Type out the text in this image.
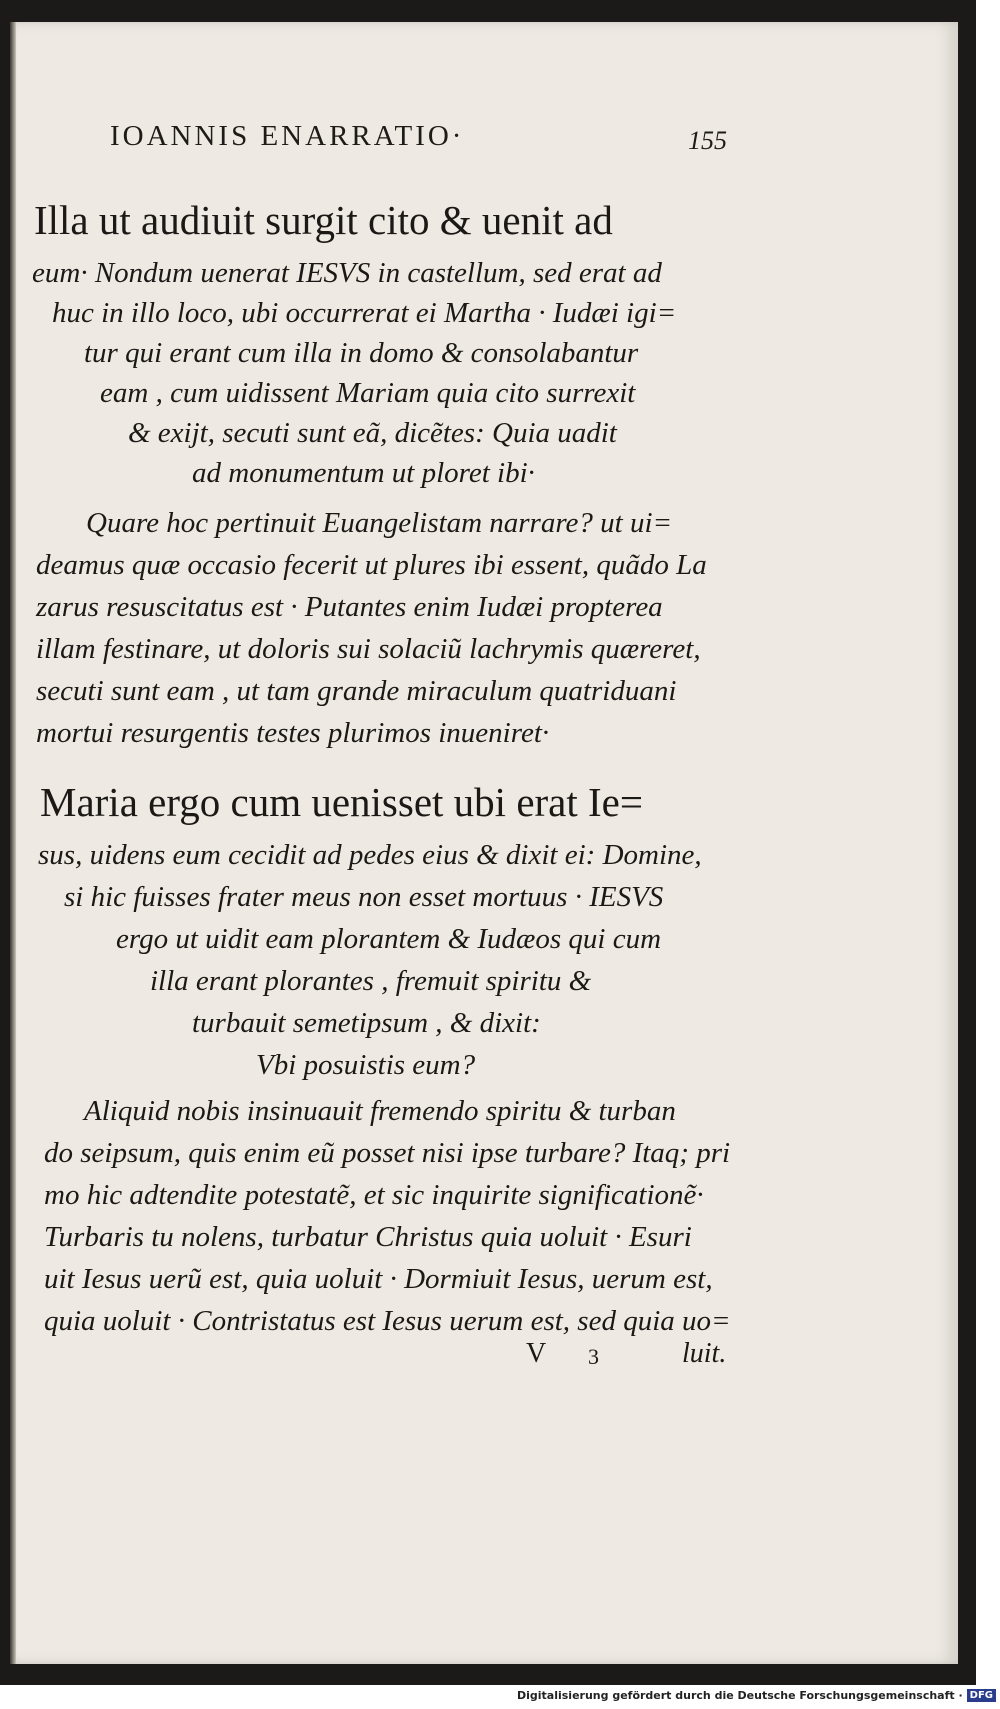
IOANNIS ENARRATIO·	155
Illa ut audiuit surgit cito & uenit ad
eum· Nondum uenerat IESVS in castellum, sed erat ad
huc in illo loco, ubi occurrerat ei Martha · Iudæi igi=
tur qui erant cum illa in domo & consolabantur
eam , cum uidissent Mariam quia cito surrexit
& exijt, secuti sunt eã, dicẽtes: Quia uadit
ad monumentum ut ploret ibi·
Quare hoc pertinuit Euangelistam narrare? ut ui=
deamus quæ occasio fecerit ut plures ibi essent, quãdo La
zarus resuscitatus est · Putantes enim Iudæi propterea
illam festinare, ut doloris sui solaciũ lachrymis quæreret,
secuti sunt eam , ut tam grande miraculum quatriduani
mortui resurgentis testes plurimos inueniret·
Maria ergo cum uenisset ubi erat Ie=
sus, uidens eum cecidit ad pedes eius & dixit ei: Domine,
si hic fuisses frater meus non esset mortuus · IESVS
ergo ut uidit eam plorantem & Iudæos qui cum
illa erant plorantes , fremuit spiritu &
turbauit semetipsum , & dixit:
Vbi posuistis eum?
Aliquid nobis insinuauit fremendo spiritu & turban
do seipsum, quis enim eũ posset nisi ipse turbare? Itaq; pri
mo hic adtendite potestatẽ, et sic inquirite significationẽ·
Turbaris tu nolens, turbatur Christus quia uoluit · Esuri
uit Iesus uerũ est, quia uoluit · Dormiuit Iesus, uerum est,
quia uoluit · Contristatus est Iesus uerum est, sed quia uo=
V 3	luit.
Digitalisierung gefördert durch die Deutsche Forschungsgemeinschaft · DFG
